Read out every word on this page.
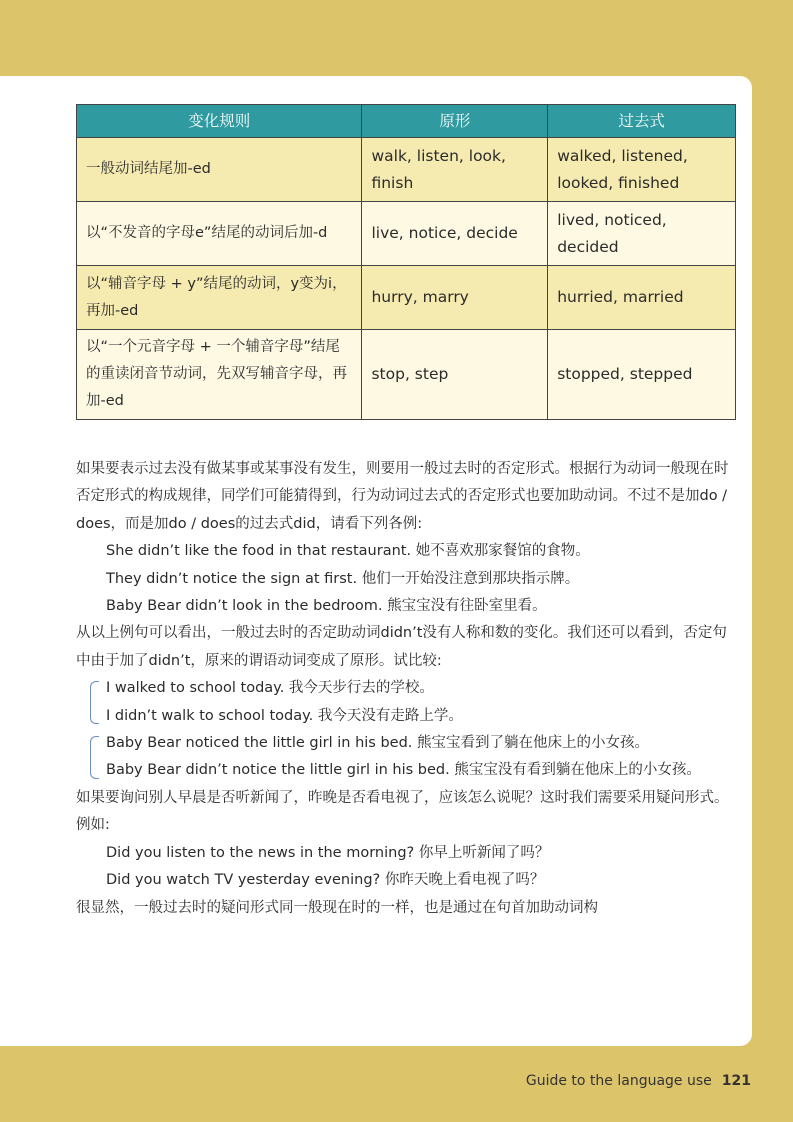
变化规则	原形	过去式
一般动词结尾加-ed	walk, listen, look, finish	walked, listened, looked, finished
以“不发音的字母e”结尾的动词后加-d	live, notice, decide	lived, noticed, decided
以“辅音字母 + y”结尾的动词，y变为i，再加-ed	hurry, marry	hurried, married
以“一个元音字母 + 一个辅音字母”结尾的重读闭音节动词，先双写辅音字母，再加-ed	stop, step	stopped, stepped

如果要表示过去没有做某事或某事没有发生，则要用一般过去时的否定形式。根据行为动词一般现在时否定形式的构成规律，同学们可能猜得到，行为动词过去式的否定形式也要加助动词。不过不是加do / does，而是加do / does的过去式did，请看下列各例:

She didn’t like the food in that restaurant. 她不喜欢那家餐馆的食物。

They didn’t notice the sign at first. 他们一开始没注意到那块指示牌。

Baby Bear didn’t look in the bedroom. 熊宝宝没有往卧室里看。

从以上例句可以看出，一般过去时的否定助动词didn’t没有人称和数的变化。我们还可以看到，否定句中由于加了didn’t，原来的谓语动词变成了原形。试比较:

I walked to school today. 我今天步行去的学校。

I didn’t walk to school today. 我今天没有走路上学。

Baby Bear noticed the little girl in his bed. 熊宝宝看到了躺在他床上的小女孩。

Baby Bear didn’t notice the little girl in his bed. 熊宝宝没有看到躺在他床上的小女孩。

如果要询问别人早晨是否听新闻了，昨晚是否看电视了，应该怎么说呢？这时我们需要采用疑问形式。例如:

Did you listen to the news in the morning? 你早上听新闻了吗？

Did you watch TV yesterday evening? 你昨天晚上看电视了吗？

很显然，一般过去时的疑问形式同一般现在时的一样，也是通过在句首加助动词构

Guide to the language use 121
